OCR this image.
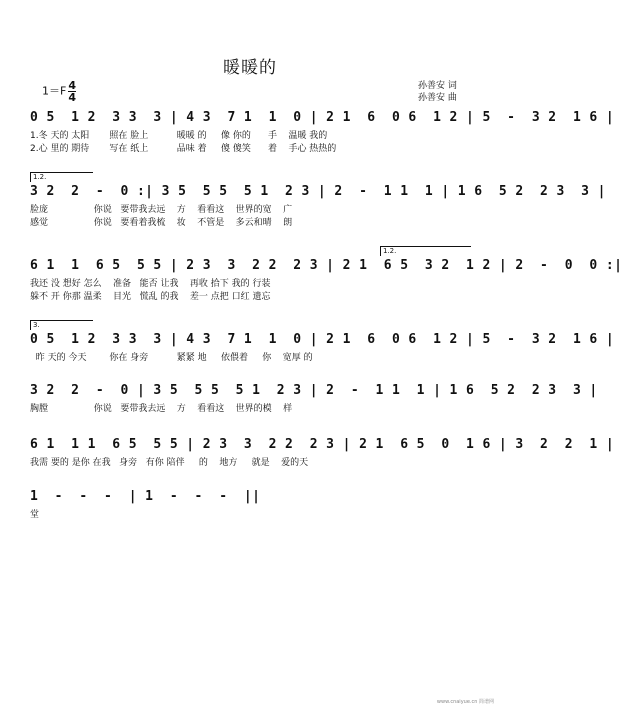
暖暖的
$1=F \frac{4}{4}$	孙善安 词
孙善安 曲
0 5  1 2  3 3  3 | 4 3  7 1  1  0 | 2 1  6  0 6  1 2 | 5  -  3 2  1 6 |
1.冬 天的 太阳       照在 脸上          暖暖 的     像 你的      手    温暖 我的
2.心 里的 期待       写在 纸上          品味 着     傻 傻笑      着    手心 热热的
1.2.
3 2  2  -  0 :| 3 5  5 5  5 1  2 3 | 2  -  1 1  1 | 1 6  5 2  2 3  3 |
脸庞                你说   要带我去远    方    看看这    世界的宽    广
感觉                你说   要看着我梳    妆    不管是    多云和晴    朗
1.2.
6 1  1  6 5  5 5 | 2 3  3  2 2  2 3 | 2 1  6 5  3 2  1 2 | 2  -  0  0 :|
我还 没 想好 怎么    准备   能否 让我    再收 拾下 我的 行装
躲不 开 你那 温柔    目光   慌乱 的我    差一 点把 口红 遗忘
3.
0 5  1 2  3 3  3 | 4 3  7 1  1  0 | 2 1  6  0 6  1 2 | 5  -  3 2  1 6 |
昨 天的 今天        你在 身旁          紧紧 地     依偎着     你    宽厚 的
3 2  2  -  0 | 3 5  5 5  5 1  2 3 | 2  -  1 1  1 | 1 6  5 2  2 3  3 |
胸膛                你说   要带我去远    方    看看这    世界的模    样
6 1  1 1  6 5  5 5 | 2 3  3  2 2  2 3 | 2 1  6 5  0  1 6 | 3  2  2  1 |
我需 要的 是你 在我   身旁   有你 陪伴     的    地方     就是    爱的天
1  -  -  -  | 1  -  -  -  ||
堂
www.cnaiyue.cn 简谱网
